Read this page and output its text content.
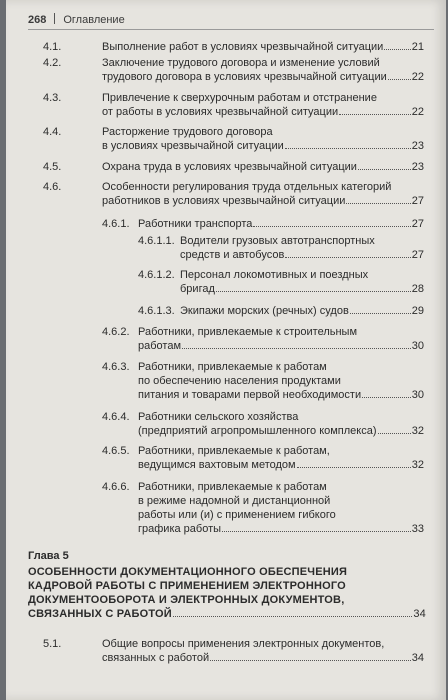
268 Оглавление
4.1.	Выполнение работ в условиях чрезвычайной ситуации	21
4.2.	Заключение трудового договора и изменение условий
трудового договора в условиях чрезвычайной ситуации 22
4.3.	Привлечение к сверхурочным работам и отстранение
от работы в условиях чрезвычайной ситуации	22
4.4.	Расторжение трудового договора
в условиях чрезвычайной ситуации	23
4.5.	Охрана труда в условиях чрезвычайной ситуации	23
4.6.	Особенности регулирования труда отдельных категорий
работников в условиях чрезвычайной ситуации	27
4.6.1. Работники транспорта	27
4.6.1.1. Водители грузовых автотранспортных
средств и автобусов	27
4.6.1.2. Персонал локомотивных и поездных
бригад	28
4.6.1.3. Экипажи морских (речных) судов	29
4.6.2. Работники, привлекаемые к строительным
работам	30
4.6.3. Работники, привлекаемые к работам
по обеспечению населения продуктами
питания и товарами первой необходимости	30
4.6.4. Работники сельского хозяйства
(предприятий агропромышленного комплекса)	32
4.6.5. Работники, привлекаемые к работам,
ведущимся вахтовым методом	32
4.6.6. Работники, привлекаемые к работам
в режиме надомной и дистанционной
работы или (и) с применением гибкого
графика работы	33
Глава 5
ОСОБЕННОСТИ ДОКУМЕНТАЦИОННОГО ОБЕСПЕЧЕНИЯ
КАДРОВОЙ РАБОТЫ С ПРИМЕНЕНИЕМ ЭЛЕКТРОННОГО
ДОКУМЕНТООБОРОТА И ЭЛЕКТРОННЫХ ДОКУМЕНТОВ,
СВЯЗАННЫХ С РАБОТОЙ	34
5.1.	Общие вопросы применения электронных документов,
связанных с работой	34
